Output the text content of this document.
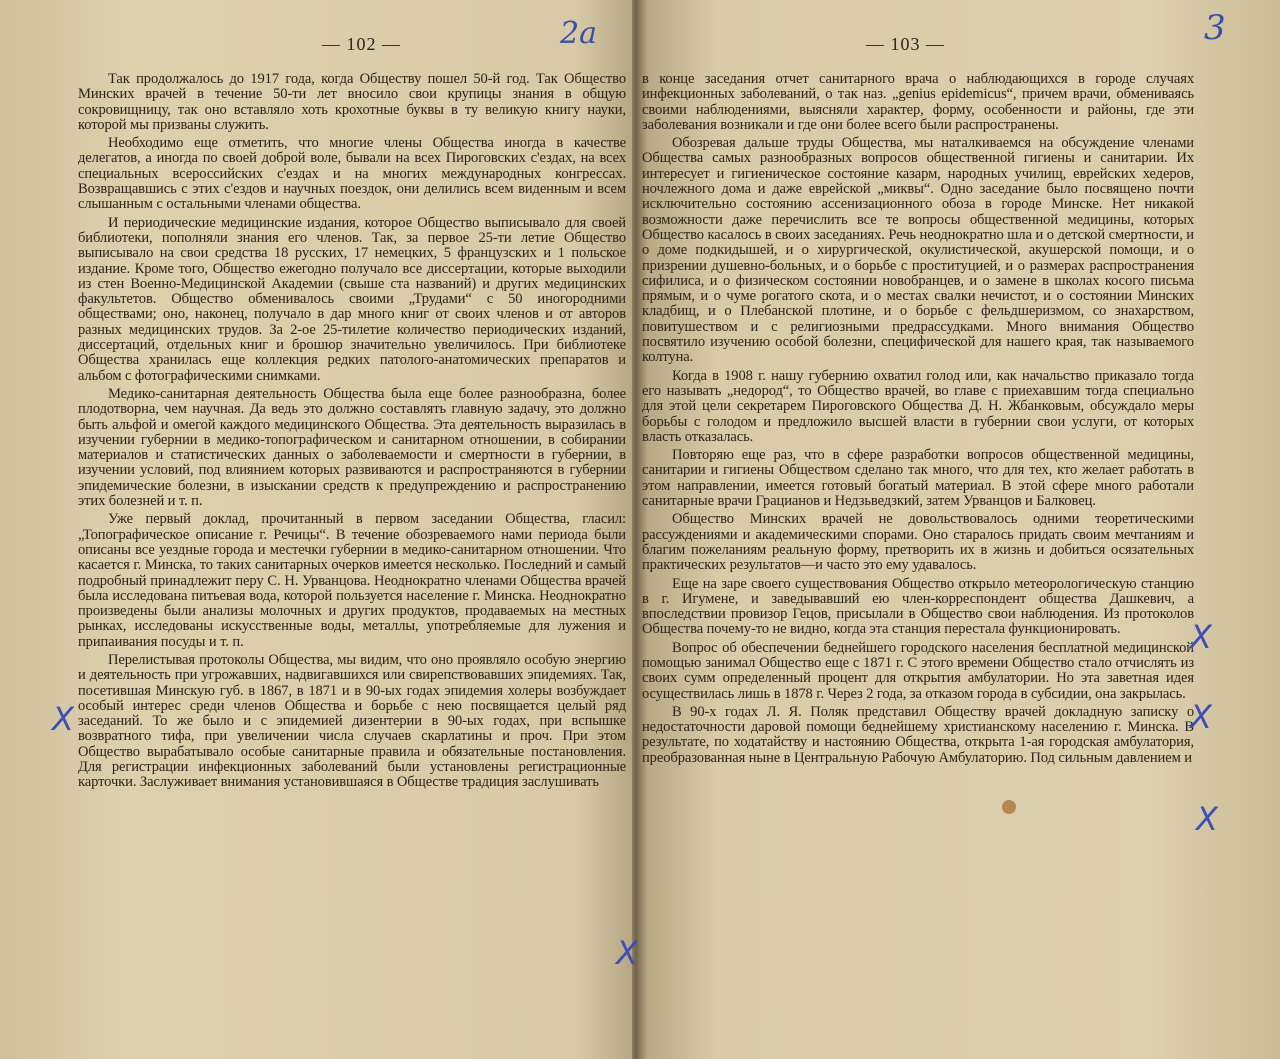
— 102 —	2a

Так продолжалось до 1917 года, когда Обществу пошел 50-й год. Так Общество Минских врачей в течение 50-ти лет вносило свои крупицы знания в общую сокровищницу, так оно вставляло хоть крохотные буквы в ту великую книгу науки, которой мы призваны служить.

Необходимо еще отметить, что многие члены Общества иногда в качестве делегатов, а иногда по своей доброй воле, бывали на всех Пироговских с'ездах, на всех специальных всероссийских с'ездах и на многих международных конгрессах. Возвращавшись с этих с'ездов и научных поездок, они делились всем виденным и всем слышанным с остальными членами общества.

И периодические медицинские издания, которое Общество выписывало для своей библиотеки, пополняли знания его членов. Так, за первое 25-ти летие Общество выписывало на свои средства 18 русских, 17 немецких, 5 французских и 1 польское издание. Кроме того, Общество ежегодно получало все диссертации, которые выходили из стен Военно-Медицинской Академии (свыше ста названий) и других медицинских факультетов. Общество обменивалось своими „Трудами“ с 50 иногородними обществами; оно, наконец, получало в дар много книг от своих членов и от авторов разных медицинских трудов. За 2-ое 25-тилетие количество периодических изданий, диссертаций, отдельных книг и брошюр значительно увеличилось. При библиотеке Общества хранилась еще коллекция редких патолого-анатомических препаратов и альбом с фотографическими снимками.

Медико-санитарная деятельность Общества была еще более разнообразна, более плодотворна, чем научная. Да ведь это должно составлять главную задачу, это должно быть альфой и омегой каждого медицинского Общества. Эта деятельность выразилась в изучении губернии в медико-топографическом и санитарном отношении, в собирании материалов и статистических данных о заболеваемости и смертности в губернии, в изучении условий, под влиянием которых развиваются и распространяются в губернии эпидемические болезни, в изыскании средств к предупреждению и распространению этих болезней и т. п.

Уже первый доклад, прочитанный в первом заседании Общества, гласил: „Топографическое описание г. Речицы“. В течение обозреваемого нами периода были описаны все уездные города и местечки губернии в медико-санитарном отношении. Что касается г. Минска, то таких санитарных очерков имеется несколько. Последний и самый подробный принадлежит перу С. Н. Урванцова. Неоднократно членами Общества врачей была исследована питьевая вода, которой пользуется население г. Минска. Неоднократно произведены были анализы молочных и других продуктов, продаваемых на местных рынках, исследованы искусственные воды, металлы, употребляемые для лужения и припаивания посуды и т. п.

Перелистывая протоколы Общества, мы видим, что оно проявляло особую энергию и деятельность при угрожавших, надвигавшихся или свирепствовавших эпидемиях. Так, посетившая Минскую губ. в 1867, в 1871 и в 90-ых годах эпидемия холеры возбуждает особый интерес среди членов Общества и борьбе с нею посвящается целый ряд заседаний. То же было и с эпидемией дизентерии в 90-ых годах, при вспышке возвратного тифа, при увеличении числа случаев скарлатины и проч. При этом Общество вырабатывало особые санитарные правила и обязательные постановления. Для регистрации инфекционных заболеваний были установлены регистрационные карточки. Заслуживает внимания установившаяся в Обществе традиция заслушивать

— 103 —	3

в конце заседания отчет санитарного врача о наблюдающихся в городе случаях инфекционных заболеваний, о так наз. „genius epidemicus“, причем врачи, обмениваясь своими наблюдениями, выясняли характер, форму, особенности и районы, где эти заболевания возникали и где они более всего были распространены.

Обозревая дальше труды Общества, мы наталкиваемся на обсуждение членами Общества самых разнообразных вопросов общественной гигиены и санитарии. Их интересует и гигиеническое состояние казарм, народных училищ, еврейских хедеров, ночлежного дома и даже еврейской „миквы“. Одно заседание было посвящено почти исключительно состоянию ассенизационного обоза в городе Минске. Нет никакой возможности даже перечислить все те вопросы общественной медицины, которых Общество касалось в своих заседаниях. Речь неоднократно шла и о детской смертности, и о доме подкидышей, и о хирургической, окулистической, акушерской помощи, и о призрении душевно-больных, и о борьбе с проституцией, и о размерах распространения сифилиса, и о физическом состоянии новобранцев, и о замене в школах косого письма прямым, и о чуме рогатого скота, и о местах свалки нечистот, и о состоянии Минских кладбищ, и о Плебанской плотине, и о борьбе с фельдшеризмом, со знахарством, повитушеством и с религиозными предрассудками. Много внимания Общество посвятило изучению особой болезни, специфической для нашего края, так называемого колтуна.

Когда в 1908 г. нашу губернию охватил голод или, как начальство приказало тогда его называть „недород“, то Общество врачей, во главе с приехавшим тогда специально для этой цели секретарем Пироговского Общества Д. Н. Жбанковым, обсуждало меры борьбы с голодом и предложило высшей власти в губернии свои услуги, от которых власть отказалась.

Повторяю еще раз, что в сфере разработки вопросов общественной медицины, санитарии и гигиены Обществом сделано так много, что для тех, кто желает работать в этом направлении, имеется готовый богатый материал. В этой сфере много работали санитарные врачи Грацианов и Недзьведзкий, затем Урванцов и Балковец.

Общество Минских врачей не довольствовалось одними теоретическими рассуждениями и академическими спорами. Оно старалось придать своим мечтаниям и благим пожеланиям реальную форму, претворить их в жизнь и добиться осязательных практических результатов—и часто это ему удавалось.

Еще на заре своего существования Общество открыло метеорологическую станцию в г. Игумене, и заведывавший ею член-корреспондент общества Дашкевич, а впоследствии провизор Гецов, присылали в Общество свои наблюдения. Из протоколов Общества почему-то не видно, когда эта станция перестала функционировать.

Вопрос об обеспечении беднейшего городского населения бесплатной медицинской помощью занимал Общество еще с 1871 г. С этого времени Общество стало отчислять из своих сумм определенный процент для открытия амбулатории. Но эта заветная идея осуществилась лишь в 1878 г. Через 2 года, за отказом города в субсидии, она закрылась.

В 90-х годах Л. Я. Поляк представил Обществу врачей докладную записку о недостаточности даровой помощи беднейшему христианскому населению г. Минска. В результате, по ходатайству и настоянию Общества, открыта 1-ая городская амбулатория, преобразованная ныне в Центральную Рабочую Амбулаторию. Под сильным давлением и

X
X
X
X
X
